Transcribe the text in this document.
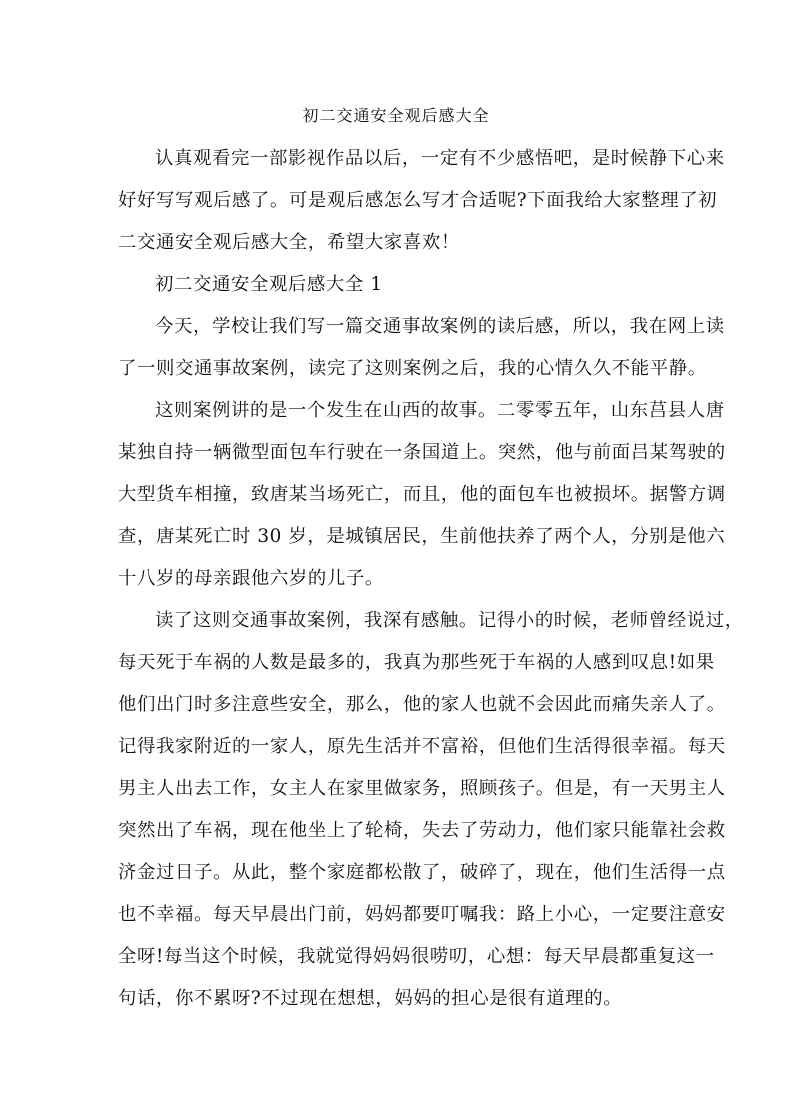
初二交通安全观后感大全
认真观看完一部影视作品以后，一定有不少感悟吧，是时候静下心来
好好写写观后感了。可是观后感怎么写才合适呢?下面我给大家整理了初
二交通安全观后感大全，希望大家喜欢！
初二交通安全观后感大全 1
今天，学校让我们写一篇交通事故案例的读后感，所以，我在网上读
了一则交通事故案例，读完了这则案例之后，我的心情久久不能平静。
这则案例讲的是一个发生在山西的故事。二零零五年，山东莒县人唐
某独自持一辆微型面包车行驶在一条国道上。突然，他与前面吕某驾驶的
大型货车相撞，致唐某当场死亡，而且，他的面包车也被损坏。据警方调
查，唐某死亡时 30 岁，是城镇居民，生前他扶养了两个人，分别是他六
十八岁的母亲跟他六岁的儿子。
读了这则交通事故案例，我深有感触。记得小的时候，老师曾经说过，
每天死于车祸的人数是最多的，我真为那些死于车祸的人感到叹息!如果
他们出门时多注意些安全，那么，他的家人也就不会因此而痛失亲人了。
记得我家附近的一家人，原先生活并不富裕，但他们生活得很幸福。每天
男主人出去工作，女主人在家里做家务，照顾孩子。但是，有一天男主人
突然出了车祸，现在他坐上了轮椅，失去了劳动力，他们家只能靠社会救
济金过日子。从此，整个家庭都松散了，破碎了，现在，他们生活得一点
也不幸福。每天早晨出门前，妈妈都要叮嘱我：路上小心，一定要注意安
全呀!每当这个时候，我就觉得妈妈很唠叨，心想：每天早晨都重复这一
句话，你不累呀?不过现在想想，妈妈的担心是很有道理的。
